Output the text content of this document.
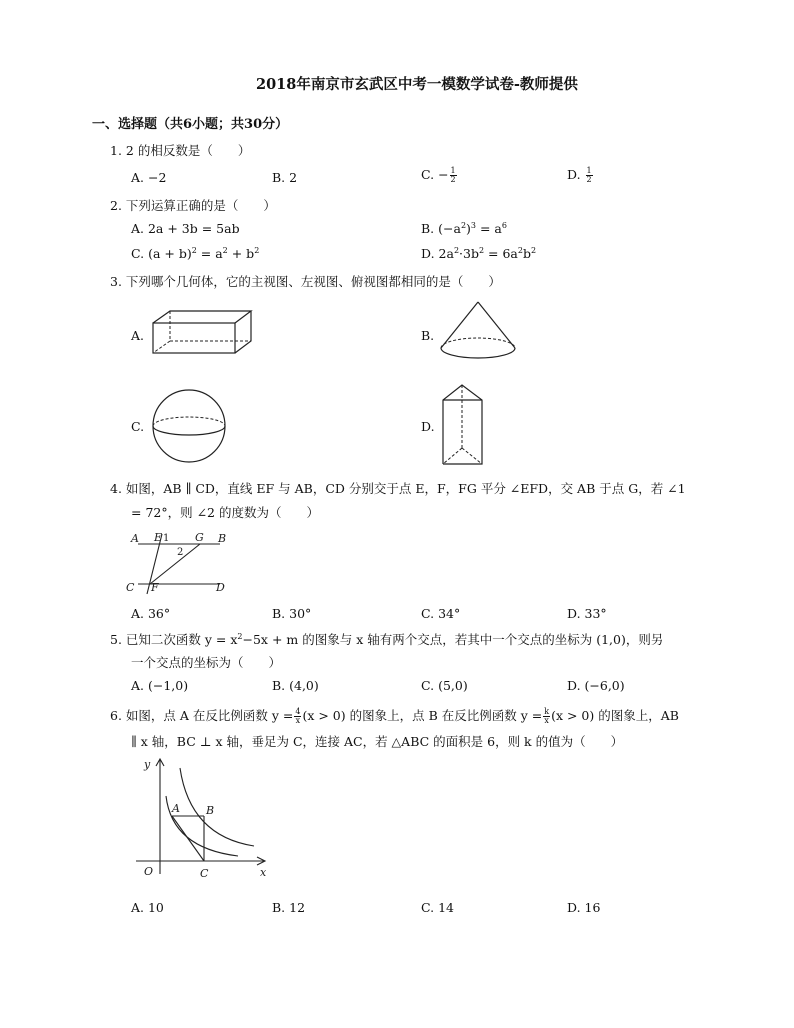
2018年南京市玄武区中考一模数学试卷-教师提供
一、选择题（共6小题；共30分）
1. 2 的相反数是（　　）
A. −2	B. 2	C. − $\frac{1}{2}$	D. $\frac{1}{2}$
2. 下列运算正确的是（　　）
A. 2a + 3b = 5ab	B. $(-a^2)^3 = a^6$
C. $(a + b)^2 = a^2 + b^2$	D. $2a^2\cdot 3b^2 = 6a^2b^2$
3. 下列哪个几何体，它的主视图、左视图、俯视图都相同的是（　　）
A.	B.
C.	D.
4. 如图，AB ∥ CD，直线 EF 与 AB，CD 分别交于点 E，F，FG 平分 ∠EFD，交 AB 于点 G，若 ∠1
= 72°，则 ∠2 的度数为（　　）
A E 1 G B
2
C F	D
A. 36°	B. 30°	C. 34°	D. 33°
5. 已知二次函数 $y = x^2-5x + m$ 的图象与 x 轴有两个交点，若其中一个交点的坐标为 (1,0)，则另
一个交点的坐标为（　　）
A. (−1,0)	B. (4,0)	C. (5,0)	D. (−6,0)
6. 如图，点 A 在反比例函数 $y = \frac{4}{x} (x > 0)$ 的图象上，点 B 在反比例函数 $y = \frac{k}{x} (x > 0)$ 的图象上，AB
∥ x 轴，BC ⊥ x 轴，垂足为 C，连接 AC，若 △ABC 的面积是 6，则 k 的值为（　　）
y
A B
O	C	x
A. 10	B. 12	C. 14	D. 16
